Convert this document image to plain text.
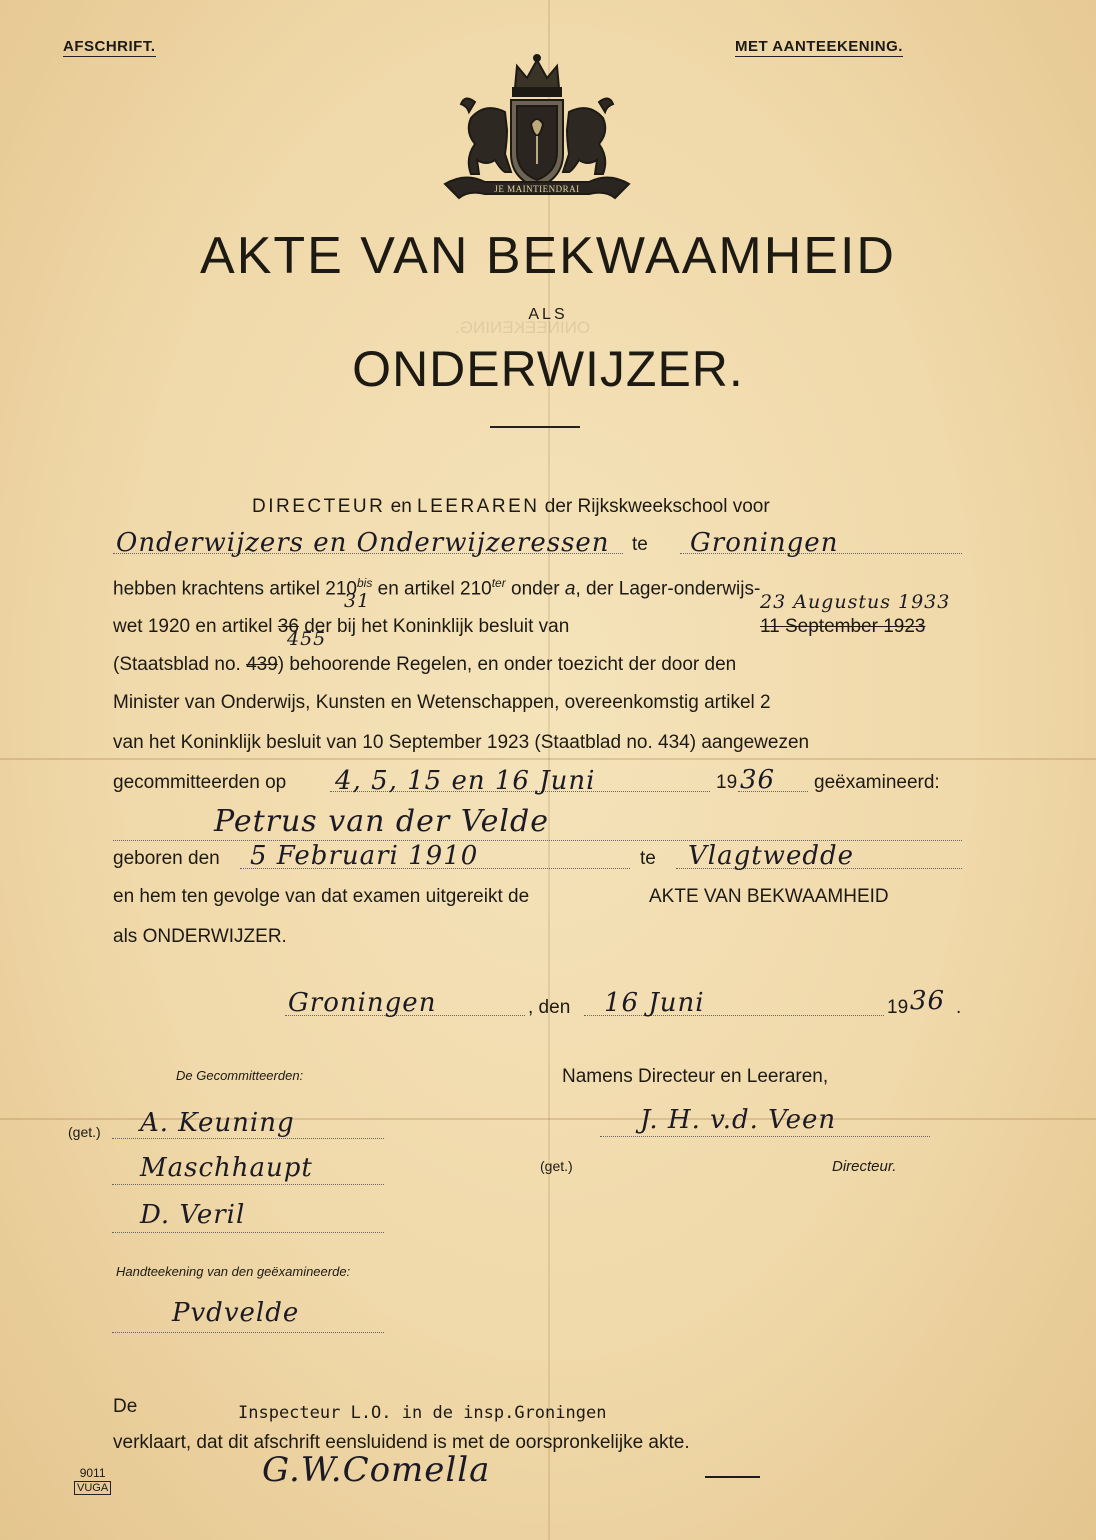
ONINEEKENING.
AFSCHRIFT.	MET AANTEEKENING.
JE MAINTIENDRAI
AKTE VAN BEKWAAMHEID
ALS
ONDERWIJZER.
DIRECTEUR en LEERAREN der Rijkskweekschool voor
Onderwijzers en Onderwijzeressen te Groningen
hebben krachtens artikel $210^{bis}$ en artikel $210^{ter}$ onder a, der Lager-onderwijs-
wet 1920 en artikel 36 der bij het Koninklijk besluit van
31
11 September 1923
23 Augustus 1933
(Staatsblad no. 439) behoorende Regelen, en onder toezicht der door den
455
Minister van Onderwijs, Kunsten en Wetenschappen, overeenkomstig artikel 2
van het Koninklijk besluit van 10 September 1923 (Staatblad no. 434) aangewezen
gecommitteerden op 4, 5, 15 en 16 Juni	19 36 geëxamineerd:
Petrus van der Velde
geboren den 5 Februari 1910	te Vlagtwedde
en hem ten gevolge van dat examen uitgereikt de	AKTE VAN BEKWAAMHEID
als ONDERWIJZER.
Groningen	, den 16 Juni	19 36 .
De Gecommitteerden:
(get.) A. Keuning
Maschhaupt
D. Veril
Namens Directeur en Leeraren,
J. H. v.d. Veen
(get.)	Directeur.
Handteekening van den geëxamineerde:
Pvdvelde
De	Inspecteur L.O. in de insp.Groningen
verklaart, dat dit afschrift eensluidend is met de oorspronkelijke akte.
G.W.Comella
9011
VUGA
